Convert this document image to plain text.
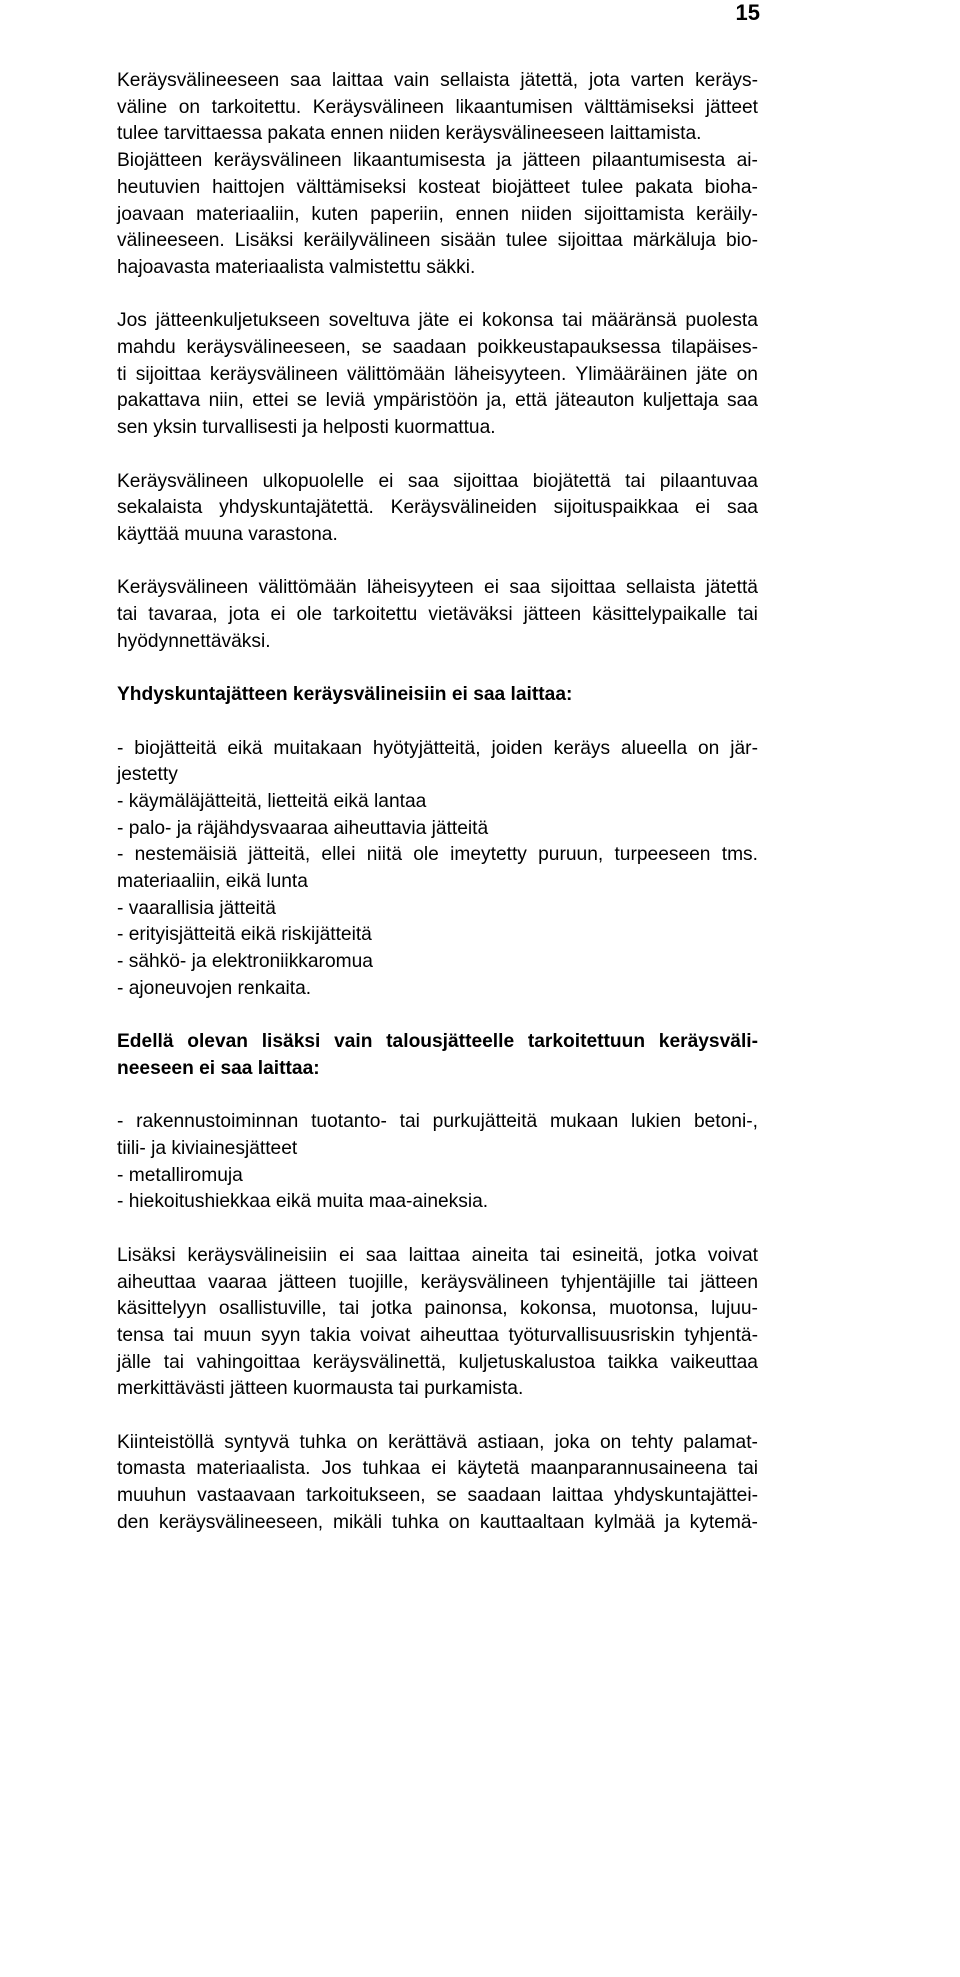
15
Keräysvälineeseen saa laittaa vain sellaista jätettä, jota varten keräys-
väline on tarkoitettu. Keräysvälineen likaantumisen välttämiseksi jätteet
tulee tarvittaessa pakata ennen niiden keräysvälineeseen laittamista.
Biojätteen keräysvälineen likaantumisesta ja jätteen pilaantumisesta ai-
heutuvien haittojen välttämiseksi kosteat biojätteet tulee pakata bioha-
joavaan materiaaliin, kuten paperiin, ennen niiden sijoittamista keräily-
välineeseen. Lisäksi keräilyvälineen sisään tulee sijoittaa märkäluja bio-
hajoavasta materiaalista valmistettu säkki.
Jos jätteenkuljetukseen soveltuva jäte ei kokonsa tai määränsä puolesta
mahdu keräysvälineeseen, se saadaan poikkeustapauksessa tilapäises-
ti sijoittaa keräysvälineen välittömään läheisyyteen. Ylimääräinen jäte on
pakattava niin, ettei se leviä ympäristöön ja, että jäteauton kuljettaja saa
sen yksin turvallisesti ja helposti kuormattua.
Keräysvälineen ulkopuolelle ei saa sijoittaa biojätettä tai pilaantuvaa
sekalaista yhdyskuntajätettä. Keräysvälineiden sijoituspaikkaa ei saa
käyttää muuna varastona.
Keräysvälineen välittömään läheisyyteen ei saa sijoittaa sellaista jätettä
tai tavaraa, jota ei ole tarkoitettu vietäväksi jätteen käsittelypaikalle tai
hyödynnettäväksi.
Yhdyskuntajätteen keräysvälineisiin ei saa laittaa:
- biojätteitä eikä muitakaan hyötyjätteitä, joiden keräys alueella on jär-
jestetty
- käymäläjätteitä, lietteitä eikä lantaa
- palo- ja räjähdysvaaraa aiheuttavia jätteitä
- nestemäisiä jätteitä, ellei niitä ole imeytetty puruun, turpeeseen tms.
materiaaliin, eikä lunta
- vaarallisia jätteitä
- erityisjätteitä eikä riskijätteitä
- sähkö- ja elektroniikkaromua
- ajoneuvojen renkaita.
Edellä olevan lisäksi vain talousjätteelle tarkoitettuun keräysväli-
neeseen ei saa laittaa:
- rakennustoiminnan tuotanto- tai purkujätteitä mukaan lukien betoni-,
tiili- ja kiviainesjätteet
- metalliromuja
- hiekoitushiekkaa eikä muita maa-aineksia.
Lisäksi keräysvälineisiin ei saa laittaa aineita tai esineitä, jotka voivat
aiheuttaa vaaraa jätteen tuojille, keräysvälineen tyhjentäjille tai jätteen
käsittelyyn osallistuville, tai jotka painonsa, kokonsa, muotonsa, lujuu-
tensa tai muun syyn takia voivat aiheuttaa työturvallisuusriskin tyhjentä-
jälle tai vahingoittaa keräysvälinettä, kuljetuskalustoa taikka vaikeuttaa
merkittävästi jätteen kuormausta tai purkamista.
Kiinteistöllä syntyvä tuhka on kerättävä astiaan, joka on tehty palamat-
tomasta materiaalista. Jos tuhkaa ei käytetä maanparannusaineena tai
muuhun vastaavaan tarkoitukseen, se saadaan laittaa yhdyskuntajättei-
den keräysvälineeseen, mikäli tuhka on kauttaaltaan kylmää ja kytemä-
